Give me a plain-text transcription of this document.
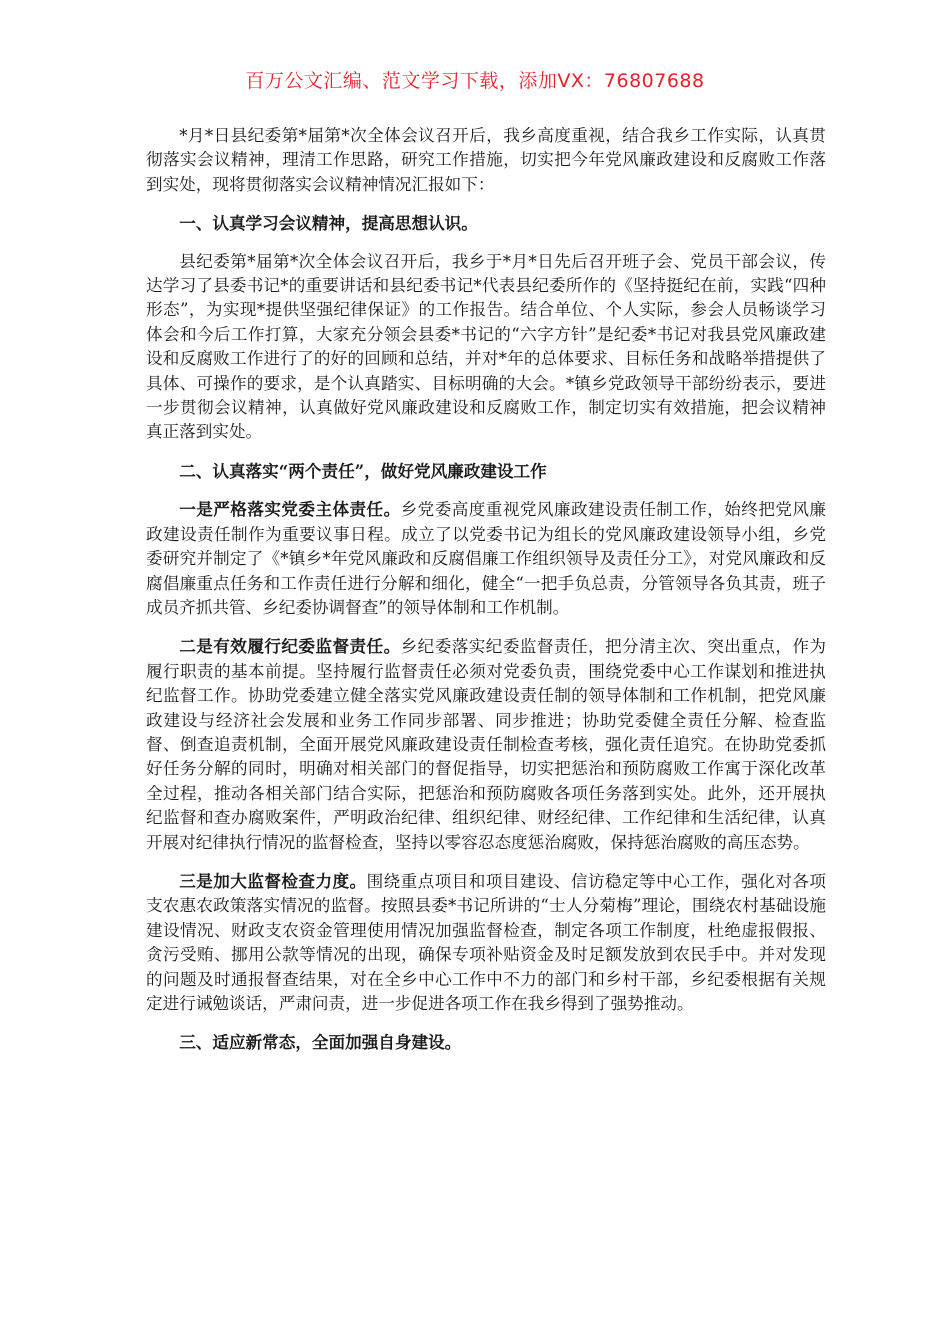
百万公文汇编、范文学习下载，添加VX：76807688

*月*日县纪委第*届第*次全体会议召开后，我乡高度重视，结合我乡工作实际，认真贯彻落实会议精神，理清工作思路，研究工作措施，切实把今年党风廉政建设和反腐败工作落到实处，现将贯彻落实会议精神情况汇报如下：

一、认真学习会议精神，提高思想认识。

县纪委第*届第*次全体会议召开后，我乡于*月*日先后召开班子会、党员干部会议，传达学习了县委书记*的重要讲话和县纪委书记*代表县纪委所作的《坚持挺纪在前，实践“四种形态”，为实现*提供坚强纪律保证》的工作报告。结合单位、个人实际，参会人员畅谈学习体会和今后工作打算，大家充分领会县委*书记的“六字方针”是纪委*书记对我县党风廉政建设和反腐败工作进行了的好的回顾和总结，并对*年的总体要求、目标任务和战略举措提供了具体、可操作的要求，是个认真踏实、目标明确的大会。*镇乡党政领导干部纷纷表示，要进一步贯彻会议精神，认真做好党风廉政建设和反腐败工作，制定切实有效措施，把会议精神真正落到实处。

二、认真落实“两个责任”，做好党风廉政建设工作

一是严格落实党委主体责任。乡党委高度重视党风廉政建设责任制工作，始终把党风廉政建设责任制作为重要议事日程。成立了以党委书记为组长的党风廉政建设领导小组，乡党委研究并制定了《*镇乡*年党风廉政和反腐倡廉工作组织领导及责任分工》，对党风廉政和反腐倡廉重点任务和工作责任进行分解和细化，健全“一把手负总责，分管领导各负其责，班子成员齐抓共管、乡纪委协调督查”的领导体制和工作机制。

二是有效履行纪委监督责任。乡纪委落实纪委监督责任，把分清主次、突出重点，作为履行职责的基本前提。坚持履行监督责任必须对党委负责，围绕党委中心工作谋划和推进执纪监督工作。协助党委建立健全落实党风廉政建设责任制的领导体制和工作机制，把党风廉政建设与经济社会发展和业务工作同步部署、同步推进；协助党委健全责任分解、检查监督、倒查追责机制，全面开展党风廉政建设责任制检查考核，强化责任追究。在协助党委抓好任务分解的同时，明确对相关部门的督促指导，切实把惩治和预防腐败工作寓于深化改革全过程，推动各相关部门结合实际，把惩治和预防腐败各项任务落到实处。此外，还开展执纪监督和查办腐败案件，严明政治纪律、组织纪律、财经纪律、工作纪律和生活纪律，认真开展对纪律执行情况的监督检查，坚持以零容忍态度惩治腐败，保持惩治腐败的高压态势。

三是加大监督检查力度。围绕重点项目和项目建设、信访稳定等中心工作，强化对各项支农惠农政策落实情况的监督。按照县委*书记所讲的“士人分菊梅”理论，围绕农村基础设施建设情况、财政支农资金管理使用情况加强监督检查，制定各项工作制度，杜绝虚报假报、贪污受贿、挪用公款等情况的出现，确保专项补贴资金及时足额发放到农民手中。并对发现的问题及时通报督查结果，对在全乡中心工作中不力的部门和乡村干部，乡纪委根据有关规定进行诫勉谈话，严肃问责，进一步促进各项工作在我乡得到了强势推动。

三、适应新常态，全面加强自身建设。
